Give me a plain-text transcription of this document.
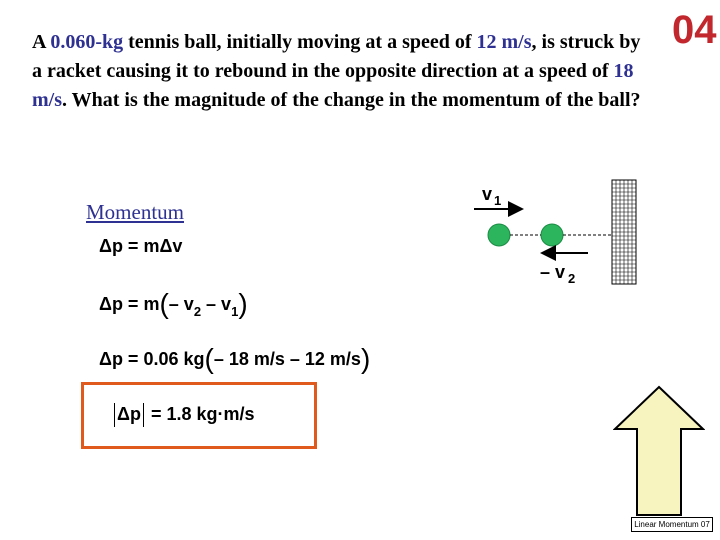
A 0.060-kg tennis ball, initially moving at a speed of 12 m/s, is struck by a racket causing it to rebound in the opposite direction at a speed of 18 m/s. What is the magnitude of the change in the momentum of the ball?
04
Momentum
Δp = mΔv
Δp = m(– $v_2 - v_1$)
Δp = 0.06 kg(– 18 m/s – 12 m/s)
Δp = 1.8 kg·m/s
v 1
– v 2
Linear Momentum 07
